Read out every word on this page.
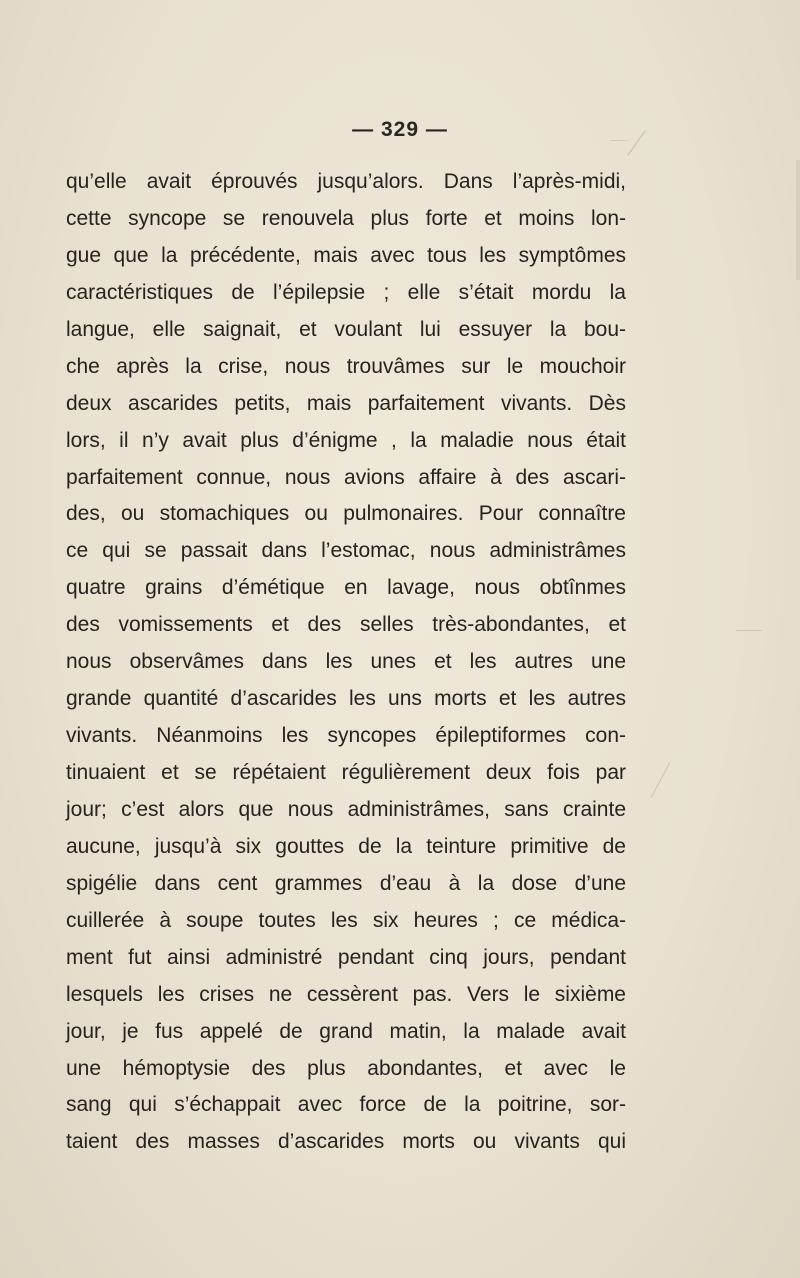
— 329 —
qu’elle avait éprouvés jusqu’alors. Dans l’après-midi,
cette syncope se renouvela plus forte et moins lon-
gue que la précédente, mais avec tous les symptômes
caractéristiques de l’épilepsie ; elle s’était mordu la
langue, elle saignait, et voulant lui essuyer la bou-
che après la crise, nous trouvâmes sur le mouchoir
deux ascarides petits, mais parfaitement vivants. Dès
lors, il n’y avait plus d’énigme , la maladie nous était
parfaitement connue, nous avions affaire à des ascari-
des, ou stomachiques ou pulmonaires. Pour connaître
ce qui se passait dans l’estomac, nous administrâmes
quatre grains d’émétique en lavage, nous obtînmes
des vomissements et des selles très-abondantes, et
nous observâmes dans les unes et les autres une
grande quantité d’ascarides les uns morts et les autres
vivants. Néanmoins les syncopes épileptiformes con-
tinuaient et se répétaient régulièrement deux fois par
jour; c’est alors que nous administrâmes, sans crainte
aucune, jusqu’à six gouttes de la teinture primitive de
spigélie dans cent grammes d’eau à la dose d’une
cuillerée à soupe toutes les six heures ; ce médica-
ment fut ainsi administré pendant cinq jours, pendant
lesquels les crises ne cessèrent pas. Vers le sixième
jour, je fus appelé de grand matin, la malade avait
une hémoptysie des plus abondantes, et avec le
sang qui s’échappait avec force de la poitrine, sor-
taient des masses d’ascarides morts ou vivants qui
